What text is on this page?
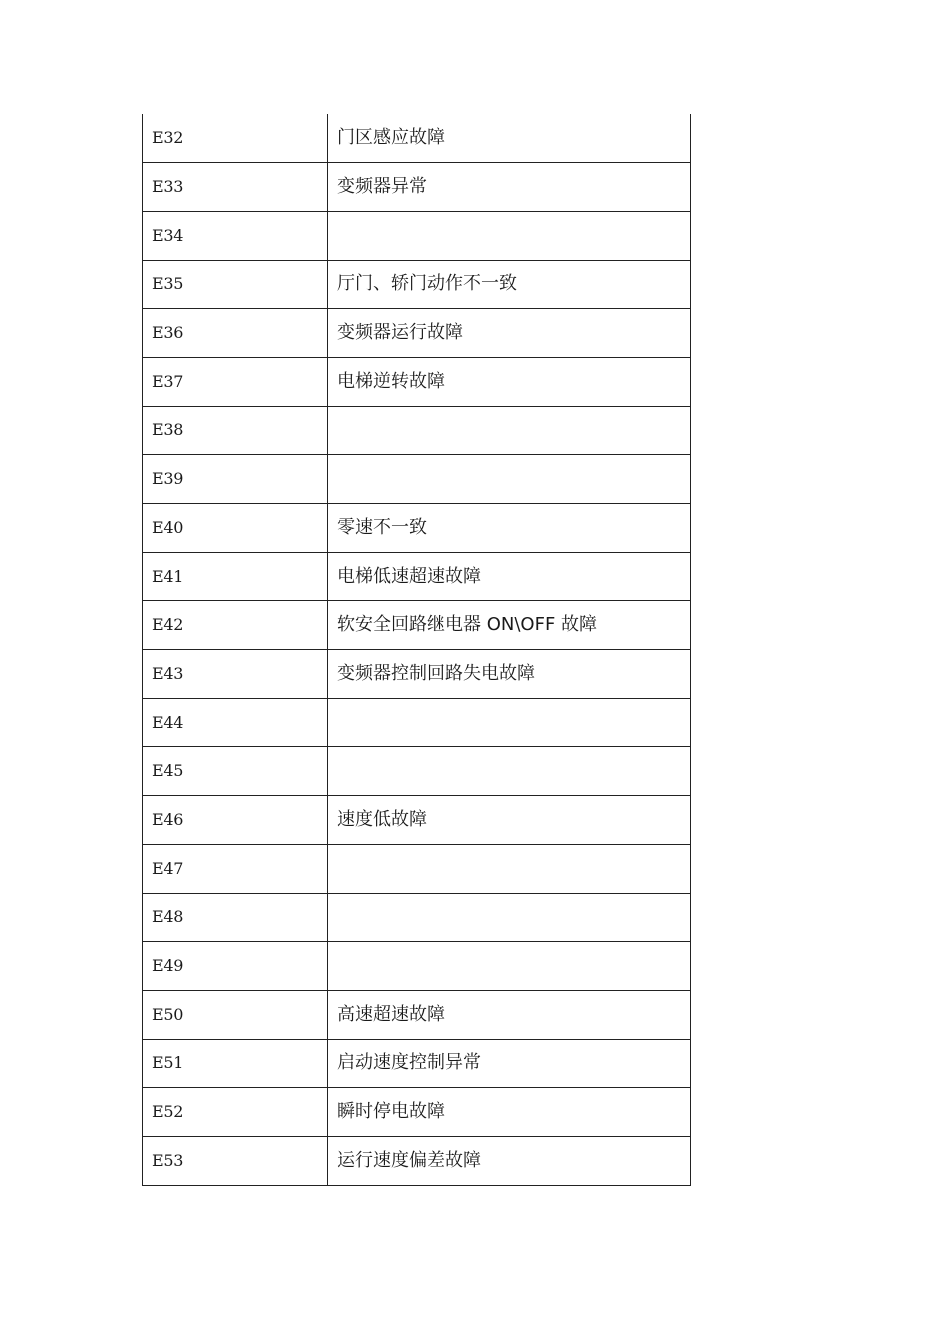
E32	门区感应故障
E33	变频器异常
E34	
E35	厅门、轿门动作不一致
E36	变频器运行故障
E37	电梯逆转故障
E38	
E39	
E40	零速不一致
E41	电梯低速超速故障
E42	软安全回路继电器 ON\OFF 故障
E43	变频器控制回路失电故障
E44	
E45	
E46	速度低故障
E47	
E48	
E49	
E50	高速超速故障
E51	启动速度控制异常
E52	瞬时停电故障
E53	运行速度偏差故障
